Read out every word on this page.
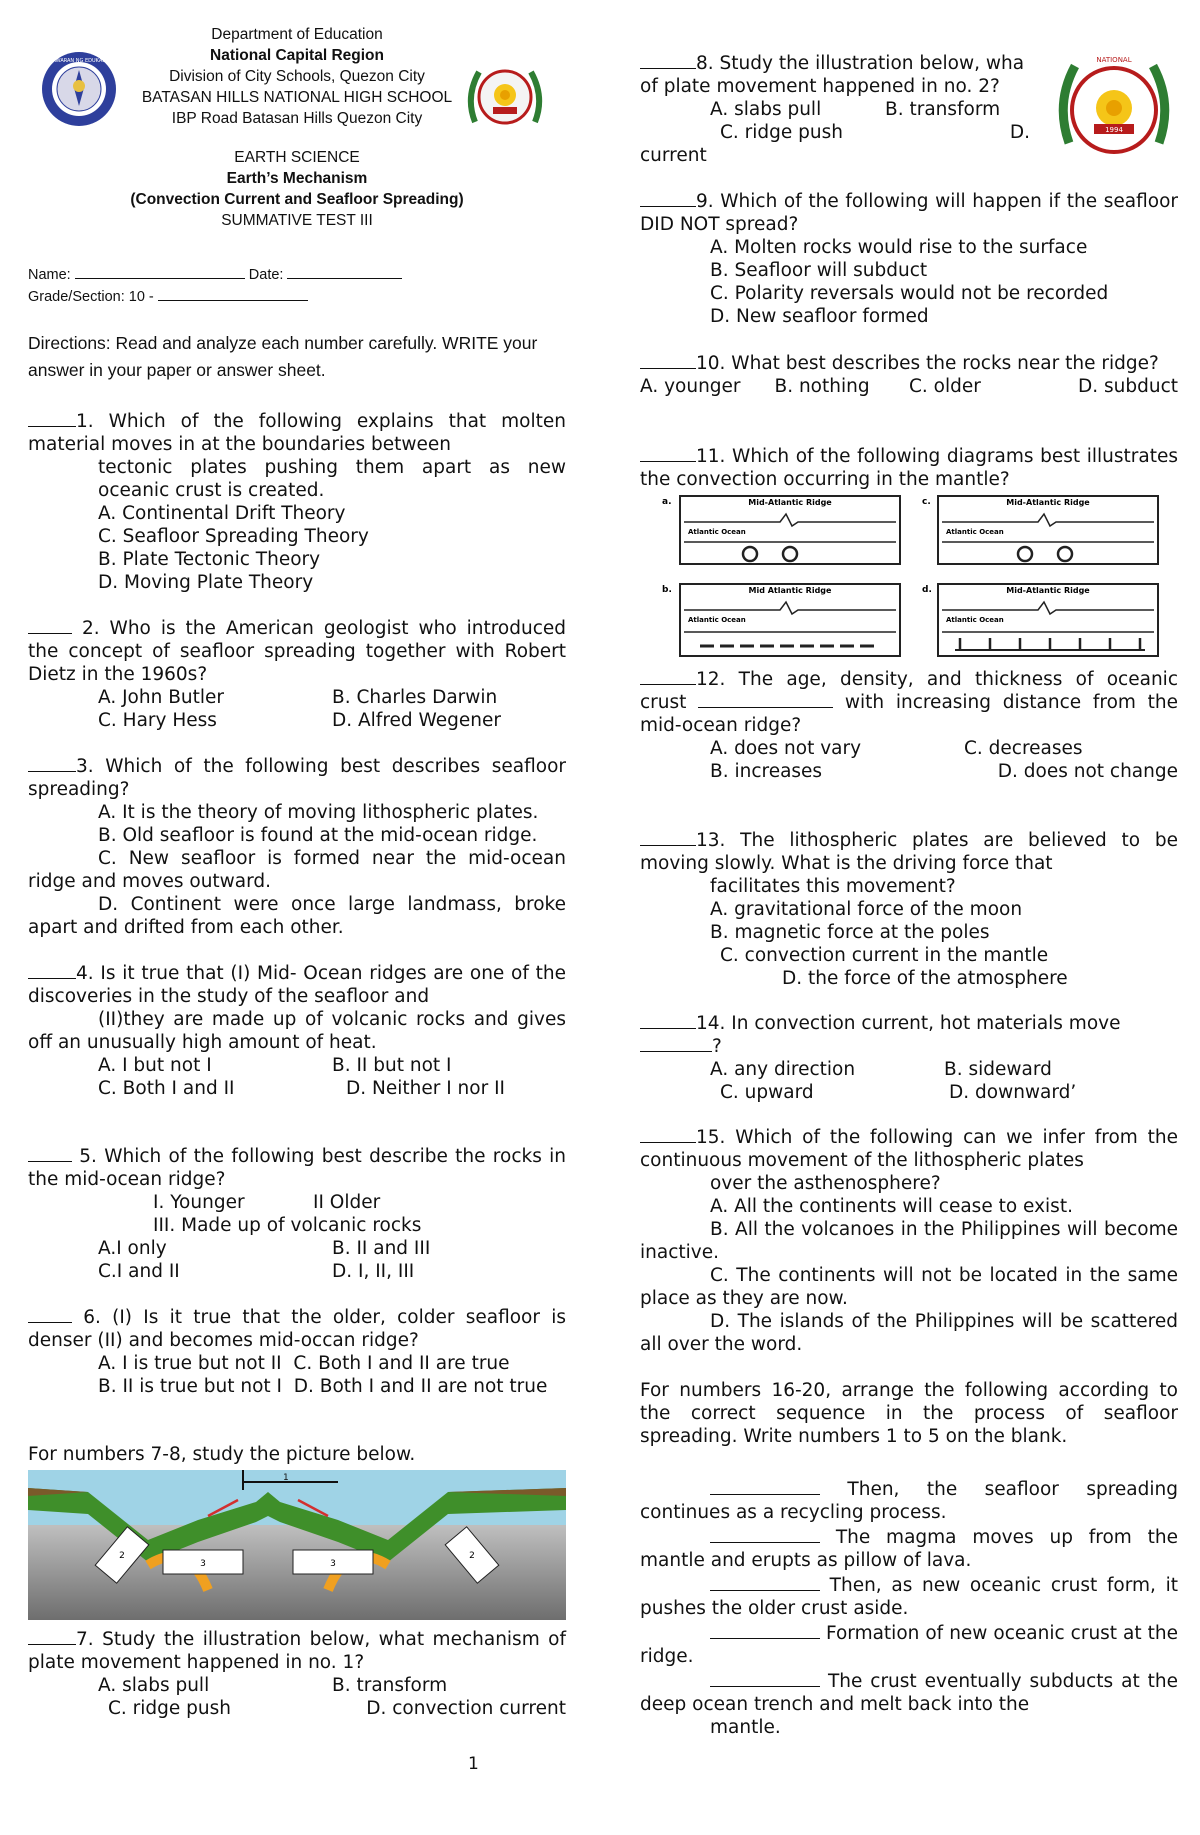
KAGAWARAN NG EDUKASYON
Department of Education
National Capital Region
Division of City Schools, Quezon City
BATASAN HILLS NATIONAL HIGH SCHOOL
IBP Road Batasan Hills Quezon City
EARTH SCIENCE
Earth’s Mechanism
(Convection Current and Seafloor Spreading)
SUMMATIVE TEST III
Name:	Date:
Grade/Section: 10 -
Directions: Read and analyze each number carefully. WRITE your answer in your paper or answer sheet.

1. Which of the following explains that molten material moves in at the boundaries between

tectonic plates pushing them apart as new oceanic crust is created.

A. Continental Drift Theory

C. Seafloor Spreading Theory

B. Plate Tectonic Theory

D. Moving Plate Theory

2. Who is the American geologist who introduced the concept of seafloor spreading together with Robert Dietz in the 1960s?

A. John Butler	B. Charles Darwin
C. Hary Hess	D. Alfred Wegener

3. Which of the following best describes seafloor spreading?

A. It is the theory of moving lithospheric plates.

B. Old seafloor is found at the mid-ocean ridge.

C. New seafloor is formed near the mid-ocean ridge and moves outward.

D. Continent were once large landmass, broke apart and drifted from each other.

4. Is it true that (I) Mid- Ocean ridges are one of the discoveries in the study of the seafloor and

(II)they are made up of volcanic rocks and gives off an unusually high amount of heat.

A. I but not I	B. II but not I
C. Both I and II	D. Neither I nor II

5. Which of the following best describe the rocks in the mid-ocean ridge?

I. Younger	II Older

III. Made up of volcanic rocks

A.I only	B. II and III
C.I and II	D. I, II, III

6. (I) Is it true that the older, colder seafloor is denser (II) and becomes mid-occan ridge?

A. I is true but not II C. Both I and II are true

B. II is true but not I D. Both I and II are not true

For numbers 7-8, study the picture below.
1
3	3
2	2

7. Study the illustration below, what mechanism of plate movement happened in no. 1?

A. slabs pull	B. transform
C. ridge push	D. convection current
1
1994
NATIONAL

8. Study the illustration below, wha

of plate movement happened in no. 2?

A. slabs pull	B. transform
C. ridge push	D.

current

9. Which of the following will happen if the seafloor DID NOT spread?

A. Molten rocks would rise to the surface

B. Seafloor will subduct

C. Polarity reversals would not be recorded

D. New seafloor formed

10. What best describes the rocks near the ridge?

A. younger	B. nothing	C. older	D. subduct

11. Which of the following diagrams best illustrates the convection occurring in the mantle?

a.	Mid-Atlantic Ridge
Atlantic Ocean
c.	Mid-Atlantic Ridge
Atlantic Ocean
b.	Mid Atlantic Ridge
Atlantic Ocean
d.	Mid-Atlantic Ridge
Atlantic Ocean

12. The age, density, and thickness of oceanic crust	with increasing distance from the mid-ocean ridge?

A. does not vary	C. decreases
B. increases	D. does not change

13. The lithospheric plates are believed to be moving slowly. What is the driving force that

facilitates this movement?

A. gravitational force of the moon

B. magnetic force at the poles

C. convection current in the mantle

D. the force of the atmosphere

14. In convection current, hot materials move

?

A. any direction	B. sideward
C. upward	D. downward’

15. Which of the following can we infer from the continuous movement of the lithospheric plates

over the asthenosphere?

A. All the continents will cease to exist.

B. All the volcanoes in the Philippines will become inactive.

C. The continents will not be located in the same place as they are now.

D. The islands of the Philippines will be scattered all over the word.

For numbers 16-20, arrange the following according to the correct sequence in the process of seafloor spreading. Write numbers 1 to 5 on the blank.

Then, the seafloor spreading continues as a recycling process.

The magma moves up from the mantle and erupts as pillow of lava.

Then, as new oceanic crust form, it pushes the older crust aside.

Formation of new oceanic crust at the ridge.

The crust eventually subducts at the deep ocean trench and melt back into the

mantle.
